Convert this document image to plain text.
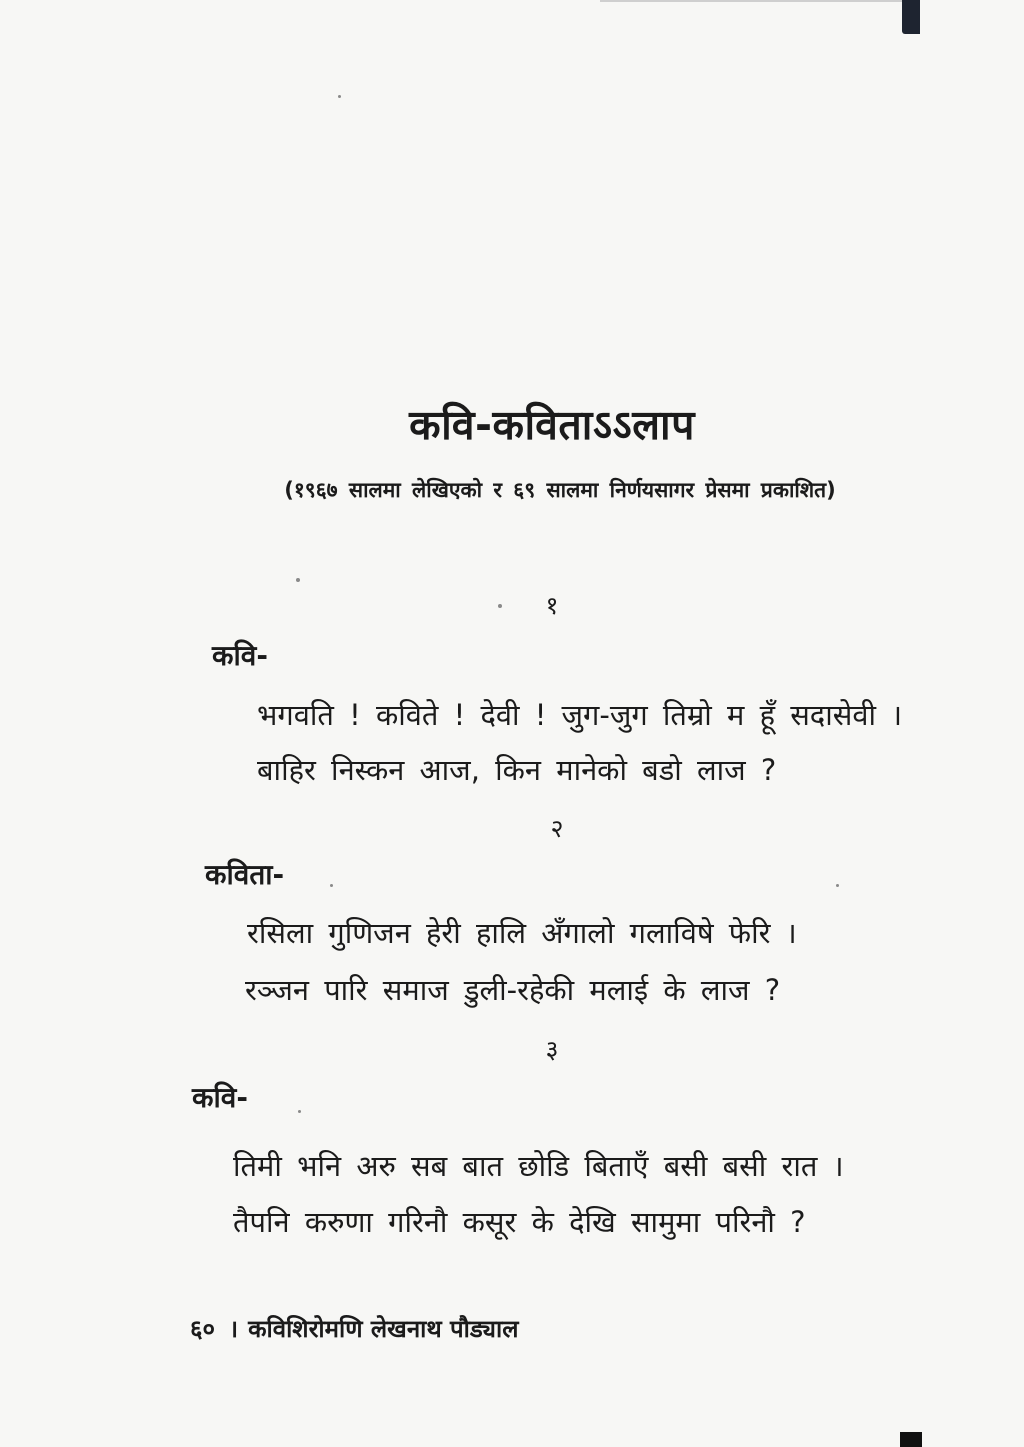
कवि-कविताऽऽलाप
(१९६७ सालमा लेखिएको र ६९ सालमा निर्णयसागर प्रेसमा प्रकाशित)
१
कवि-
भगवति ! कविते ! देवी ! जुग-जुग तिम्रो म हूँ सदासेवी ।
बाहिर निस्कन आज, किन मानेको बडो लाज ?
२
कविता-
रसिला गुणिजन हेरी हालि अँगालो गलाविषे फेरि ।
रञ्जन पारि समाज डुली-रहेकी मलाई के लाज ?
३
कवि-
तिमी भनि अरु सब बात छोडि बिताएँ बसी बसी रात ।
तैपनि करुणा गरिनौ कसूर के देखि सामुमा परिनौ ?
६० । कविशिरोमणि लेखनाथ पौड्याल
